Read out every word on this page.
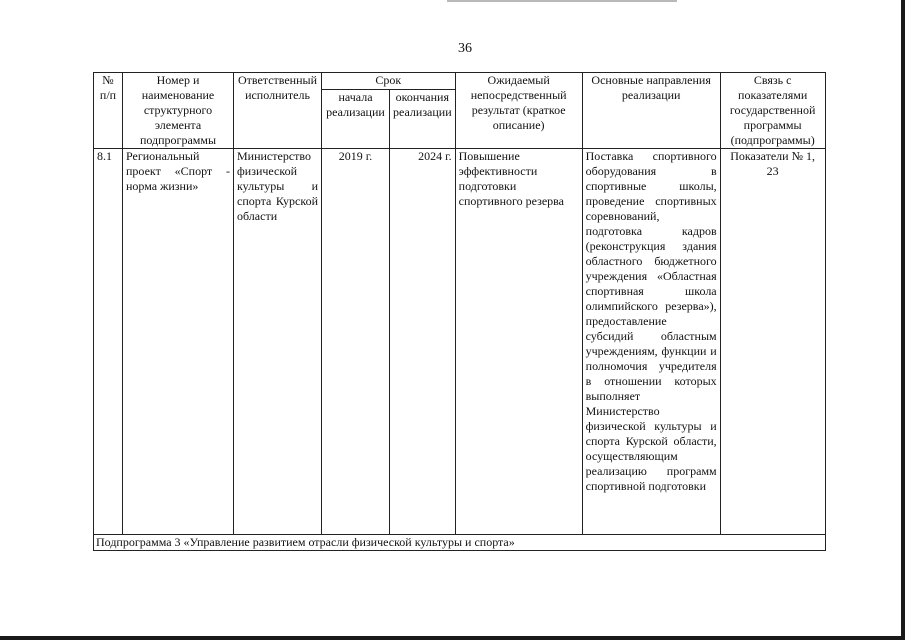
36
№ п/п	Номер и наименование структурного элемента подпрограммы	Ответственный исполнитель	Срок		Ожидаемый непосредственный результат (краткое описание)	Основные направления реализации	Связь с показателями государственной программы (подпрограммы)
			начала реализации	окончания реализации			
8.1	Региональный проект «Спорт - норма жизни»	Министерство физической культуры и спорта Курской области	2019 г.	2024 г.	Повышение эффективности подготовки спортивного резерва	Поставка спортивного оборудования в спортивные школы, проведение спортивных соревнований, подготовка кадров (реконструкция здания областного бюджетного учреждения «Областная спортивная школа олимпийского резерва»), предоставление субсидий областным учреждениям, функции и полномочия учредителя в отношении которых выполняет Министерство физической культуры и спорта Курской области, осуществляющим реализацию программ спортивной подготовки	Показатели № 1, 23
Подпрограмма 3 «Управление развитием отрасли физической культуры и спорта»							
